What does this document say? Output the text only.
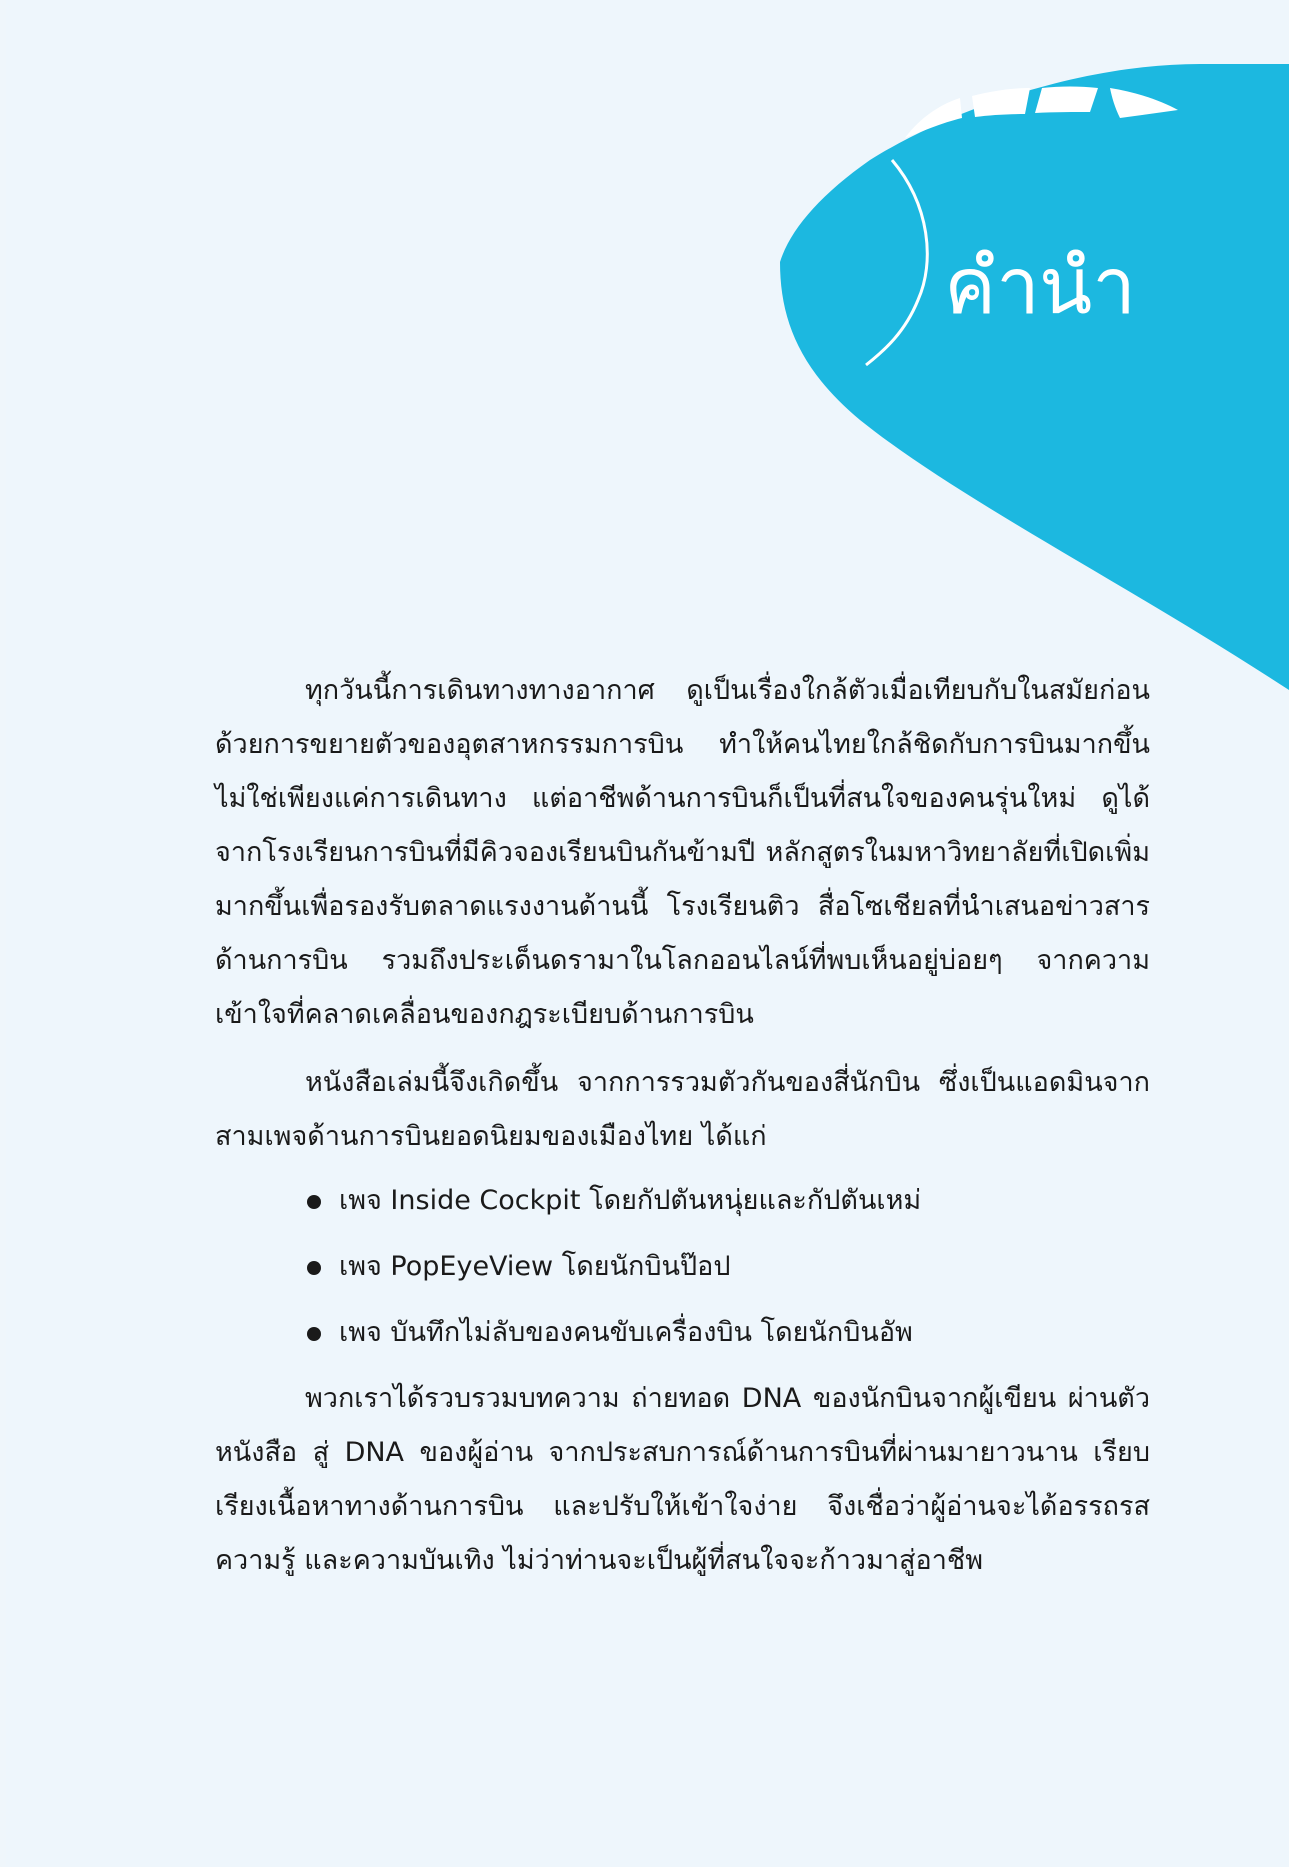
คำนำ

ทุกวันนี้การเดินทางทางอากาศ ดูเป็นเรื่องใกล้ตัวเมื่อเทียบกับในสมัยก่อน ด้วยการขยายตัวของอุตสาหกรรมการบิน ทำให้คนไทยใกล้ชิดกับการบินมากขึ้น ไม่ใช่เพียงแค่การเดินทาง แต่อาชีพด้านการบินก็เป็นที่สนใจของคนรุ่นใหม่ ดูได้จากโรงเรียนการบินที่มีคิวจองเรียนบินกันข้ามปี หลักสูตรในมหาวิทยาลัยที่เปิดเพิ่มมากขึ้นเพื่อรองรับตลาดแรงงานด้านนี้ โรงเรียนติว สื่อโซเชียลที่นำเสนอข่าวสารด้านการบิน รวมถึงประเด็นดรามาในโลกออนไลน์ที่พบเห็นอยู่บ่อยๆ จากความเข้าใจที่คลาดเคลื่อนของกฎระเบียบด้านการบิน

หนังสือเล่มนี้จึงเกิดขึ้น จากการรวมตัวกันของสี่นักบิน ซึ่งเป็นแอดมินจากสามเพจด้านการบินยอดนิยมของเมืองไทย ได้แก่

เพจ Inside Cockpit โดยกัปตันหนุ่ยและกัปตันเหม่
เพจ PopEyeView โดยนักบินป๊อป
เพจ บันทึกไม่ลับของคนขับเครื่องบิน โดยนักบินอัพ

พวกเราได้รวบรวมบทความ ถ่ายทอด DNA ของนักบินจากผู้เขียน ผ่านตัวหนังสือ สู่ DNA ของผู้อ่าน จากประสบการณ์ด้านการบินที่ผ่านมายาวนาน เรียบเรียงเนื้อหาทางด้านการบิน และปรับให้เข้าใจง่าย จึงเชื่อว่าผู้อ่านจะได้อรรถรส ความรู้ และความบันเทิง ไม่ว่าท่านจะเป็นผู้ที่สนใจจะก้าวมาสู่อาชีพ
